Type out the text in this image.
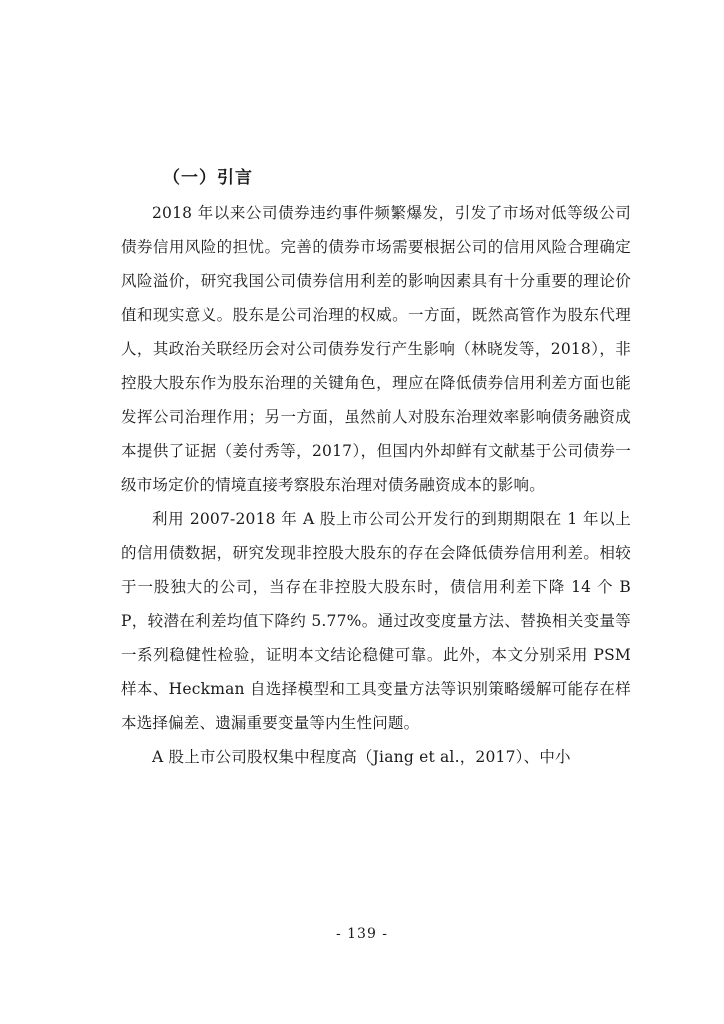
（一）引言

2018 年以来公司债券违约事件频繁爆发，引发了市场对低等级公司债券信用风险的担忧。完善的债券市场需要根据公司的信用风险合理确定风险溢价，研究我国公司债券信用利差的影响因素具有十分重要的理论价值和现实意义。股东是公司治理的权威。一方面，既然高管作为股东代理人，其政治关联经历会对公司债券发行产生影响（林晓发等，2018），非控股大股东作为股东治理的关键角色，理应在降低债券信用利差方面也能发挥公司治理作用；另一方面，虽然前人对股东治理效率影响债务融资成本提供了证据（姜付秀等，2017），但国内外却鲜有文献基于公司债券一级市场定价的情境直接考察股东治理对债务融资成本的影响。

利用 2007-2018 年 A 股上市公司公开发行的到期期限在 1 年以上的信用债数据，研究发现非控股大股东的存在会降低债券信用利差。相较于一股独大的公司，当存在非控股大股东时，债信用利差下降 14 个 BP，较潜在利差均值下降约 5.77%。通过改变度量方法、替换相关变量等一系列稳健性检验，证明本文结论稳健可靠。此外，本文分别采用 PSM 样本、Heckman 自选择模型和工具变量方法等识别策略缓解可能存在样本选择偏差、遗漏重要变量等内生性问题。

A 股上市公司股权集中程度高（Jiang et al.，2017）、中小

- 139 -
